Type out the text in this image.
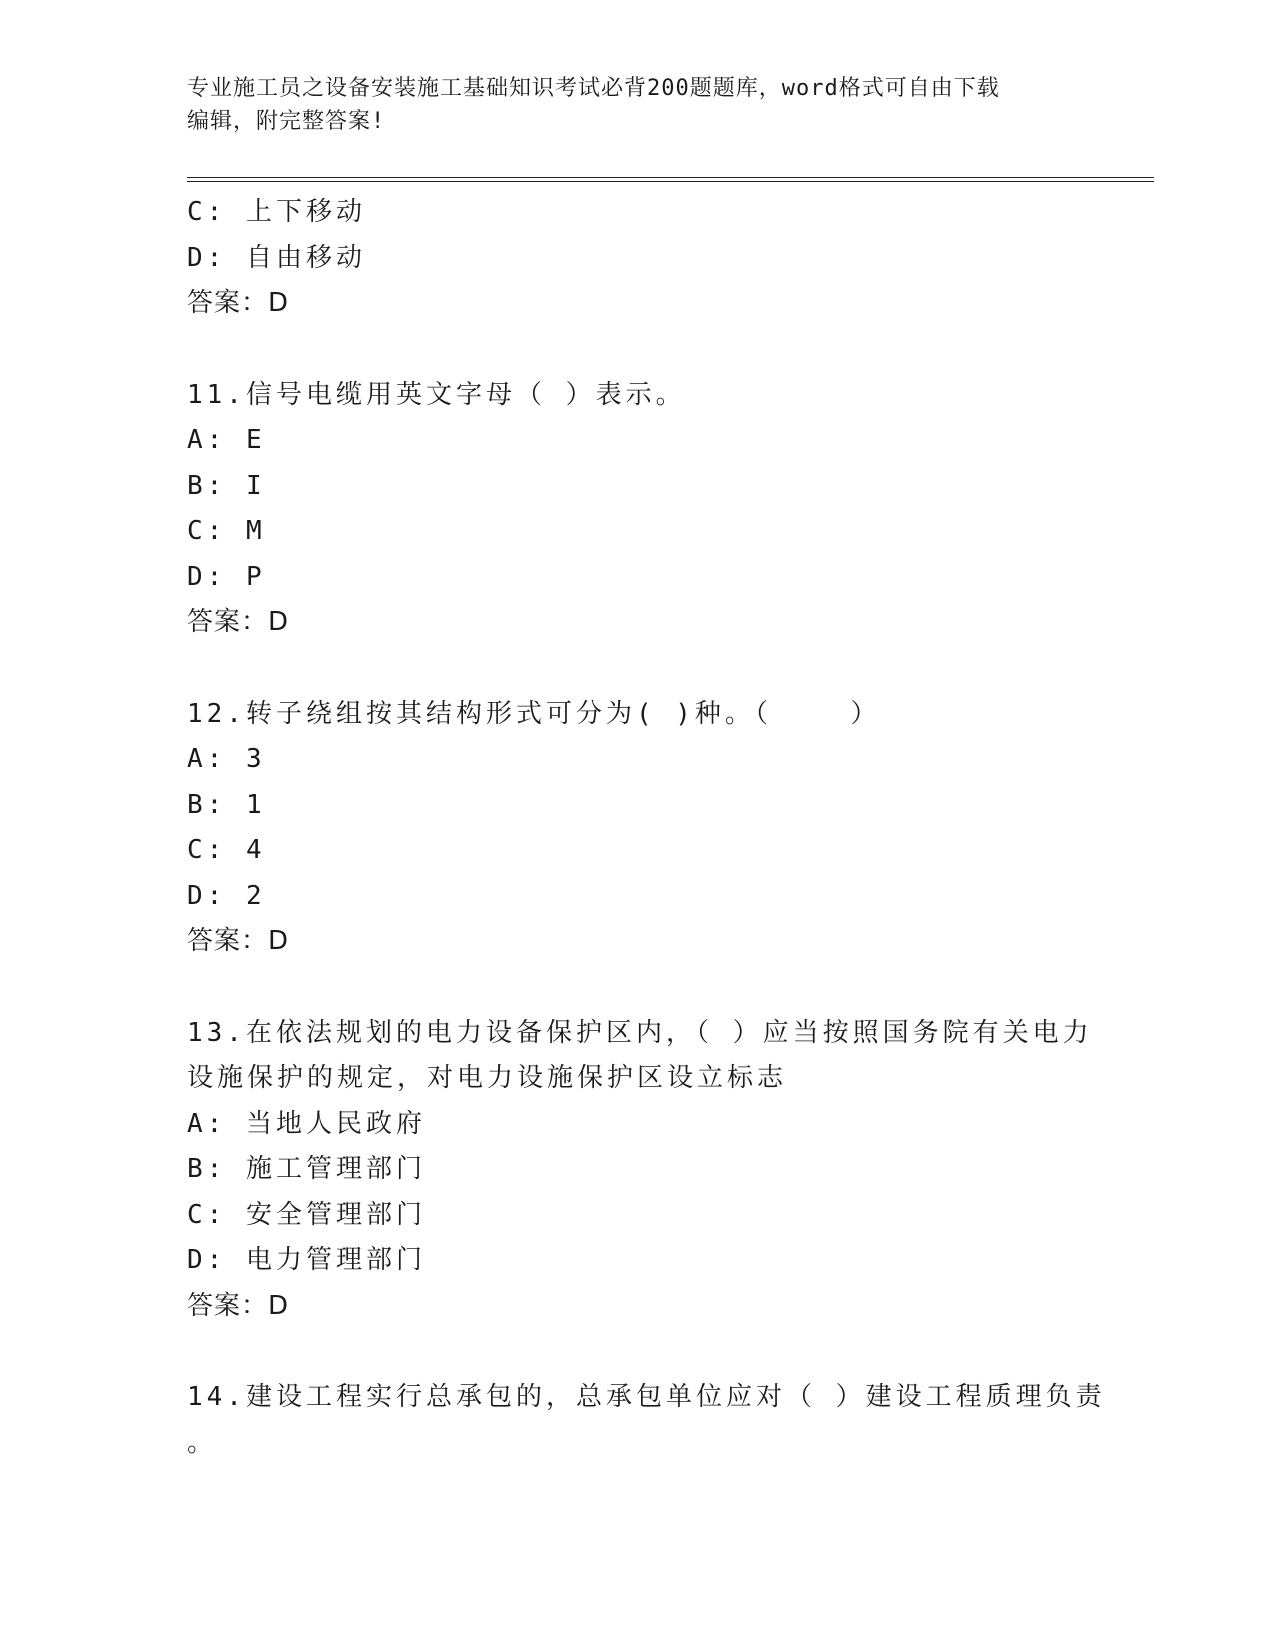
专业施工员之设备安装施工基础知识考试必背200题题库，word格式可自由下载
编辑，附完整答案!
C: 上下移动
D: 自由移动
答案：D
11.信号电缆用英文字母（ ）表示。
A: E
B: I
C: M
D: P
答案：D
12.转子绕组按其结构形式可分为( )种。（    ）
A: 3
B: 1
C: 4
D: 2
答案：D
13.在依法规划的电力设备保护区内，（ ）应当按照国务院有关电力
设施保护的规定，对电力设施保护区设立标志
A: 当地人民政府
B: 施工管理部门
C: 安全管理部门
D: 电力管理部门
答案：D
14.建设工程实行总承包的，总承包单位应对（ ）建设工程质理负责
。
